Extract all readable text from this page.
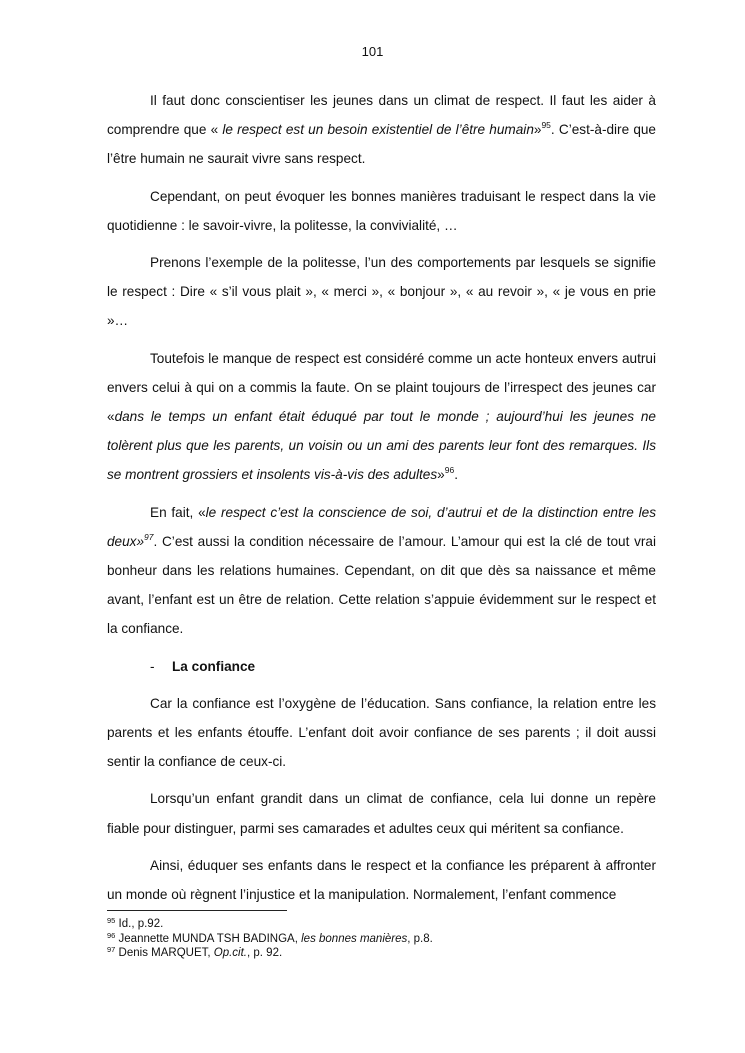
101

Il faut donc conscientiser les jeunes dans un climat de respect. Il faut les aider à comprendre que « le respect est un besoin existentiel de l’être humain»$^{95}$. C’est-à-dire que l’être humain ne saurait vivre sans respect.

Cependant, on peut évoquer les bonnes manières traduisant le respect dans la vie quotidienne : le savoir-vivre, la politesse, la convivialité, …

Prenons l’exemple de la politesse, l’un des comportements par lesquels se signifie le respect : Dire « s’il vous plait », « merci », « bonjour », « au revoir », « je vous en prie »…

Toutefois le manque de respect est considéré comme un acte honteux envers autrui envers celui à qui on a commis la faute. On se plaint toujours de l’irrespect des jeunes car «dans le temps un enfant était éduqué par tout le monde ; aujourd’hui les jeunes ne tolèrent plus que les parents, un voisin ou un ami des parents leur font des remarques. Ils se montrent grossiers et insolents vis-à-vis des adultes»$^{96}$.

En fait, «le respect c’est la conscience de soi, d’autrui et de la distinction entre les deux»$^{97}$. C’est aussi la condition nécessaire de l’amour. L’amour qui est la clé de tout vrai bonheur dans les relations humaines. Cependant, on dit que dès sa naissance et même avant, l’enfant est un être de relation. Cette relation s’appuie évidemment sur le respect et la confiance.

- La confiance

Car la confiance est l’oxygène de l’éducation. Sans confiance, la relation entre les parents et les enfants étouffe. L’enfant doit avoir confiance de ses parents ; il doit aussi sentir la confiance de ceux-ci.

Lorsqu’un enfant grandit dans un climat de confiance, cela lui donne un repère fiable pour distinguer, parmi ses camarades et adultes ceux qui méritent sa confiance.

Ainsi, éduquer ses enfants dans le respect et la confiance les préparent à affronter un monde où règnent l’injustice et la manipulation. Normalement, l’enfant commence

$^{95}$ Id., p.92.
$^{96}$ Jeannette MUNDA TSH BADINGA, les bonnes manières, p.8.
$^{97}$ Denis MARQUET, Op.cit., p. 92.
